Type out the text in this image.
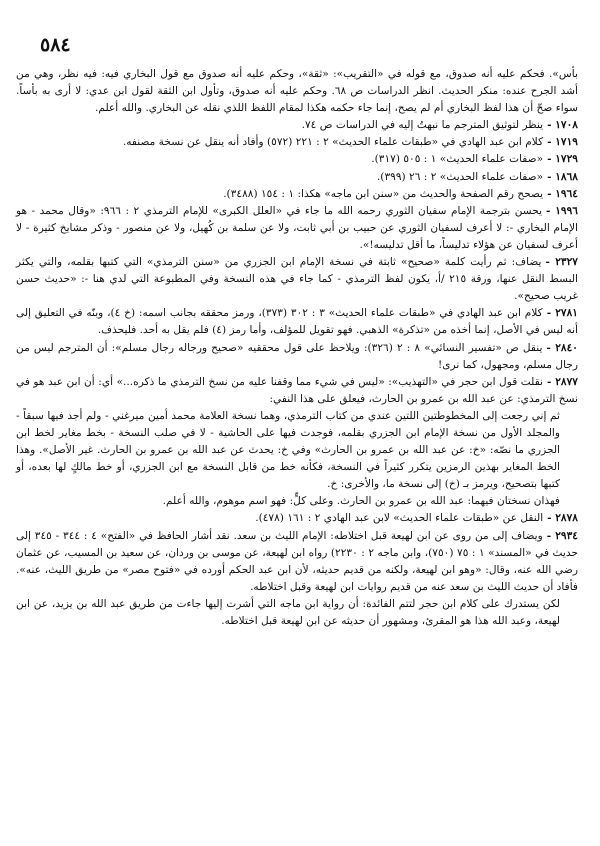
٥٨٤

بأس». فحكم عليه أنه صدوق، مع قوله في «التقريب»: «ثقة»، وحكم عليه أنه صدوق مع قول البخاري فيه: فيه نظر، وهي من أشد الجرح عنده: منكر الحديث. انظر الدراسات ص ٦٨. وحكم عليه أنه صدوق، وتأول ابن الثقة لقول ابن عدي: لا أرى به بأساً. سواء صحّ أن هذا لفظ البخاري أم لم يصح، إنما جاء حكمه هكذا لمقام اللفظ اللذي نقله عن البخاري. والله أعلم.

١٧٠٨ -ينظر لتوثيق المترجم ما نبهتُ إليه في الدراسات ص ٧٤.

١٧١٩ -كلام ابن عبد الهادي في «طبقات علماء الحديث» ٢ : ٢٢١ (٥٧٢) وأفاد أنه ينقل عن نسخة مصنفه.

١٧٢٩ -«صفات علماء الحديث» ١ : ٥٠٥ (٣١٧).

١٨٦٨ -«صفات علماء الحديث» ٢ : ٢٦ (٣٩٩).

١٩٦٤ -يصحح رقم الصفحة والحديث من «سنن ابن ماجه» هكذا: ١ : ١٥٤ (٣٤٨٨).

١٩٩٦ -يحسن بترجمة الإمام سفيان الثوري رحمه الله ما جاء في «العلل الكبرى» للإمام الترمذي ٢ : ٩٦٦: «وقال محمد - هو الإمام البخاري -: لا أعرف لسفيان الثوري عن حبيب بن أبي ثابت، ولا عن سلمة بن كُهيل، ولا عن منصور - وذكر مشايخ كثيرة - لا أعرف لسفيان عن هؤلاء تدليساً، ما أقل تدليسه!».

٢٣٢٧ -يضاف: ثم رأيت كلمة «صحيح» ثابتة في نسخة الإمام ابن الجزري من «سنن الترمذي» التي كتبها بقلمه، والتي يكثر البسط النقل عنها، ورقة ٢١٥ /أ، يكون لفظ الترمذي - كما جاء في هذه النسخة وفي المطبوعة التي لدي هنا -: «حديث حسن غريب صحيح».

٢٧٨١ -كلام ابن عبد الهادي في «طبقات علماء الحديث» ٣ : ٣٠٢ (٣٧٣)، ورمز محققه بجانب اسمه: (خ ٤)، وبنّه في التعليق إلى أنه ليس في الأصل، إنما أخذه من «تذكرة» الذهبي. فهو تقويل للمؤلف، وأما رمز (٤) فلم يقل به أحد. فليحذف.

٢٨٤٠ -ينقل ص «تفسير النسائي» ٨ : ٢ (٣٢٦): ويلاحظ على قول محققيه «صحيح ورجاله رجال مسلم»: أن المترجم ليس من رجال مسلم، ومجهول، كما نرى!

٢٨٧٧ -نقلت قول ابن حجر في «التهذيب»: «ليس في شيء مما وقفنا عليه من نسخ الترمذي ما ذكره...» أي: أن ابن عبد هو في نسخ الترمذي: عن عبد الله بن عمرو بن الحارث، فيعلق على هذا النفي:

ثم إني رجعت إلى المخطوطتين اللتين عندي من كتاب الترمذي، وهما نسخة العلامة محمد أمين ميرغني - ولم أجد فيها سبقاً - والمجلد الأول من نسخة الإمام ابن الجزري بقلمه، فوجدت فيها على الحاشية - لا في صلب النسخة - بخط مغاير لخط ابن الجزري ما نصّه: «خ: عن عبد الله بن عمرو بن الحارث» وفي خ: يحدث عن عبد الله بن عمرو بن الحارث. غير الأصل». وهذا الخط المغاير بهذين الرمزين يتكرر كثيراً في النسخة، فكأنه خط من قابل النسخة مع ابن الجزري، أو خط مالكٍ لها بعده، أو كتبها بتصحيح، ويرمز بـ (خ) إلى نسخة ما، والأخرى: خ.

فهذان نسختان فيهما: عبد الله بن عمرو بن الحارث. وعلى كلٍّ: فهو اسم موهوم، والله أعلم.

٢٨٧٨ -النقل عن «طبقات علماء الحديث» لابن عبد الهادي ٢ : ١٦١ (٤٧٨).

٢٩٣٤ -ويضاف إلى من روى عن ابن لهيعة قبل اختلاطه: الإمام الليث بن سعد. نقد أشار الحافظ في «الفتح» ٤ : ٣٤٤ - ٣٤٥ إلى حديث في «المسند» ١ : ٧٥ (٧٥٠)، وابن ماجه ٢ : ٢٢٣٠) رواه ابن لهيعة، عن موسى بن وردان، عن سعيد بن المسيب، عن عثمان رضي الله عنه، وقال: «وهو ابن لهيعة، ولكنه من قديم حديثه، لأن ابن عبد الحكم أورده في «فتوح مصر» من طريق الليث، عنه». فأفاد أن حديث الليث بن سعد عنه من قديم روايات ابن لهيعة وقبل اختلاطه.

لكن يستدرك على كلام ابن حجر لتتم الفائدة: أن رواية ابن ماجه التي أشرت إليها جاءت من طريق عبد الله بن يزيد، عن ابن لهيعة، وعبد الله هذا هو المقرئ، ومشهور أن حديثه عن ابن لهيعة قبل اختلاطه.
